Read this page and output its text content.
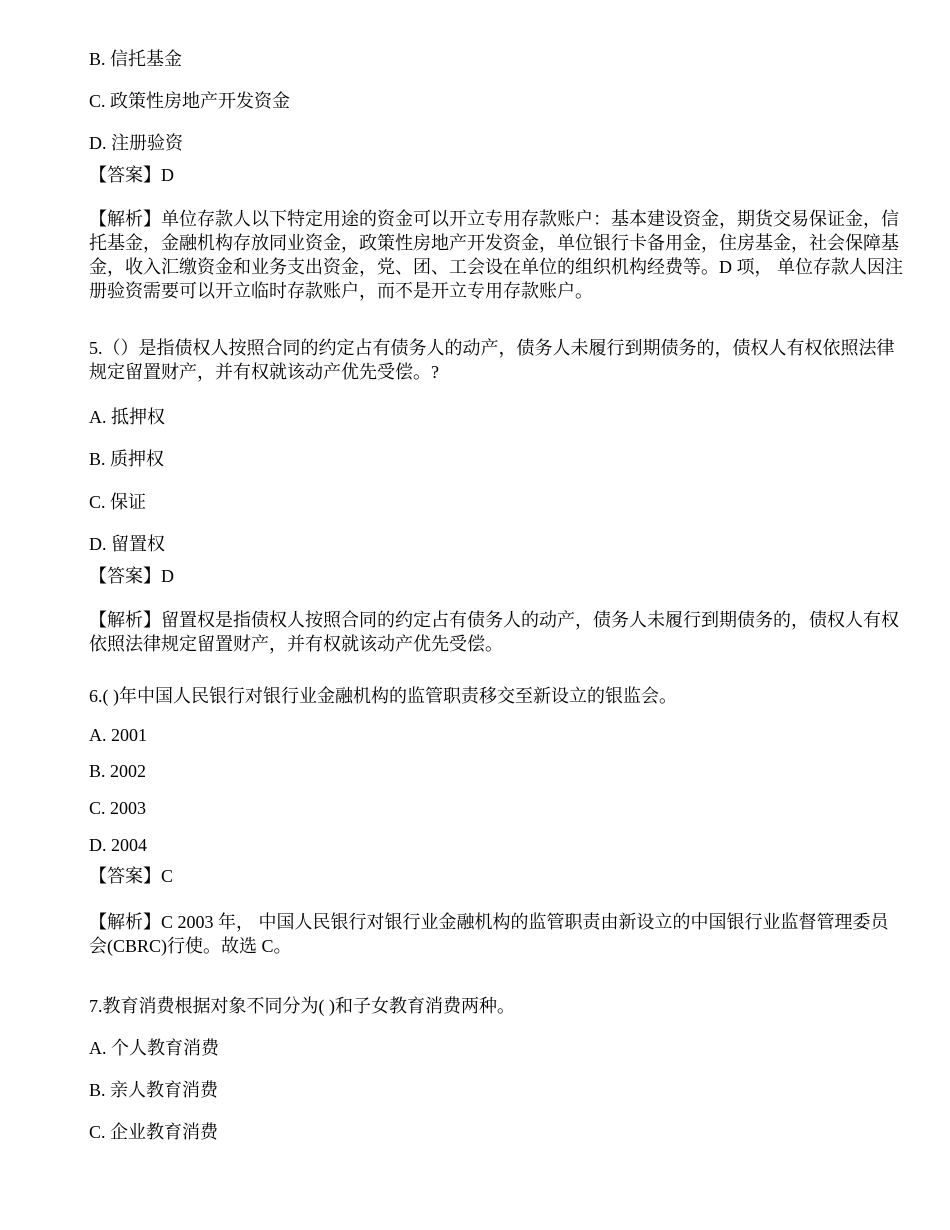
B. 信托基金
C. 政策性房地产开发资金
D. 注册验资
【答案】D
【解析】单位存款人以下特定用途的资金可以开立专用存款账户：基本建设资金，期货交易保证金，信托基金，金融机构存放同业资金，政策性房地产开发资金，单位银行卡备用金，住房基金，社会保障基金，收入汇缴资金和业务支出资金，党、团、工会设在单位的组织机构经费等。D 项， 单位存款人因注册验资需要可以开立临时存款账户，而不是开立专用存款账户。
5.（）是指债权人按照合同的约定占有债务人的动产，债务人未履行到期债务的，债权人有权依照法律规定留置财产，并有权就该动产优先受偿。?
A. 抵押权
B. 质押权
C. 保证
D. 留置权
【答案】D
【解析】留置权是指债权人按照合同的约定占有债务人的动产，债务人未履行到期债务的，债权人有权依照法律规定留置财产，并有权就该动产优先受偿。
6.( )年中国人民银行对银行业金融机构的监管职责移交至新设立的银监会。
A. 2001
B. 2002
C. 2003
D. 2004
【答案】C
【解析】C 2003 年， 中国人民银行对银行业金融机构的监管职责由新设立的中国银行业监督管理委员会(CBRC)行使。故选 C。
7.教育消费根据对象不同分为( )和子女教育消费两种。
A. 个人教育消费
B. 亲人教育消费
C. 企业教育消费
